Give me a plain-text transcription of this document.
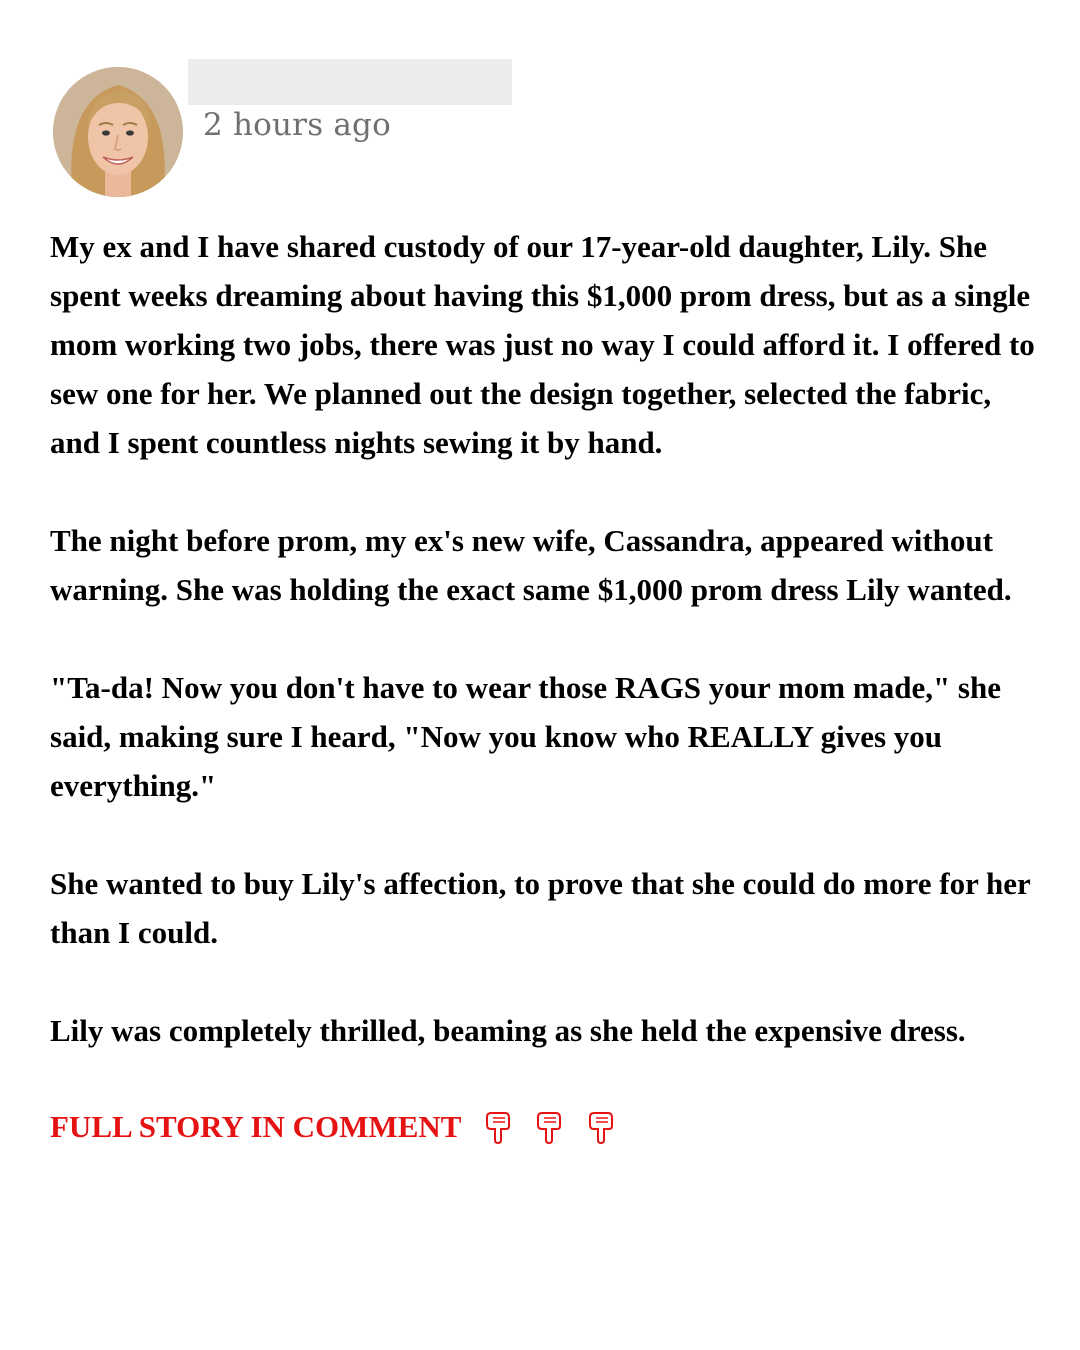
2 hours ago

My ex and I have shared custody of our 17-year-old daughter, Lily. She spent weeks dreaming about having this $1,000 prom dress, but as a single mom working two jobs, there was just no way I could afford it. I offered to sew one for her. We planned out the design together, selected the fabric, and I spent countless nights sewing it by hand.

The night before prom, my ex's new wife, Cassandra, appeared without warning. She was holding the exact same $1,000 prom dress Lily wanted.

"Ta-da! Now you don't have to wear those RAGS your mom made," she said, making sure I heard, "Now you know who REALLY gives you everything."

She wanted to buy Lily's affection, to prove that she could do more for her than I could.

Lily was completely thrilled, beaming as she held the expensive dress.

FULL STORY IN COMMENT
